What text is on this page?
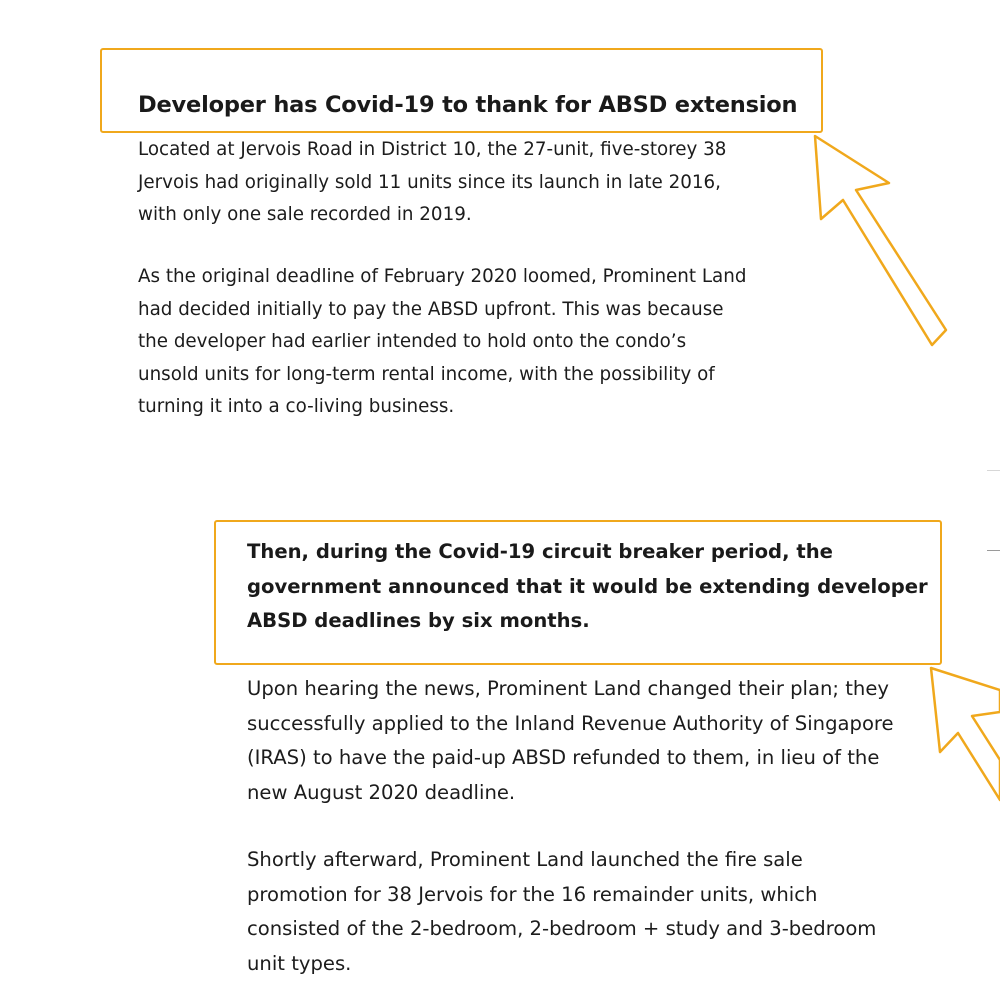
Developer has Covid-19 to thank for ABSD extension

Located at Jervois Road in District 10, the 27-unit, five-storey 38
Jervois had originally sold 11 units since its launch in late 2016,
with only one sale recorded in 2019.

As the original deadline of February 2020 loomed, Prominent Land
had decided initially to pay the ABSD upfront. This was because
the developer had earlier intended to hold onto the condo’s
unsold units for long-term rental income, with the possibility of
turning it into a co-living business.

Then, during the Covid-19 circuit breaker period, the
government announced that it would be extending developer
ABSD deadlines by six months.

Upon hearing the news, Prominent Land changed their plan; they
successfully applied to the Inland Revenue Authority of Singapore
(IRAS) to have the paid-up ABSD refunded to them, in lieu of the
new August 2020 deadline.

Shortly afterward, Prominent Land launched the fire sale
promotion for 38 Jervois for the 16 remainder units, which
consisted of the 2-bedroom, 2-bedroom + study and 3-bedroom
unit types.
